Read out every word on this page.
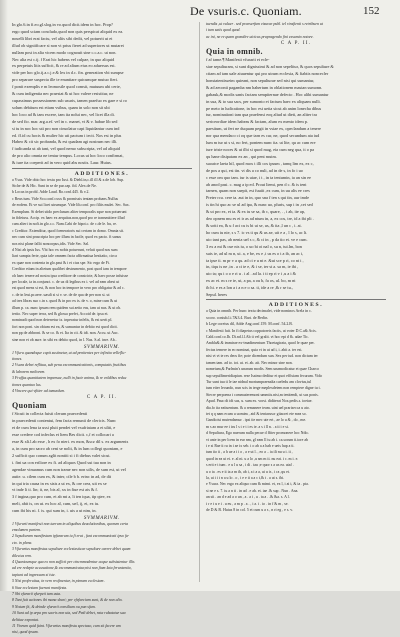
De vsuris.c. Quoniam.	152
In glo.6.in fi.eo.gl.slog.in vo.quod dicit.idem in hoc. Prop?
ergo quod sciam concludo,quod non quis perspicat aliquid ex ea.
nouelli libri erat factu, vel aliis sibi dedit, vel potuerit ut et
illud ob signiificare si non vt prius fieret ad superiores ut mutaret
nullam post in alia vicem modo cognouit sine c.c.a.c. ut non.
Nec alia est c.ij. f Erat hic habens vel culpae, in quo aliquid
ex perpetuis litis sufficit, & re ad alium eius eo aduersus est.
vide per hoc glo.ij.a.c.j.e.& lex in d.c. fin. generation vbi sumpse
pro separare suspecta ille te enuntiare quicumque mutuo fieri.
f ponit exemplis e m leomostle quod comsit, mutuum ubi certe,
& cum indigentia nec praestat & ut hoc valere resistitur, ne
cupassimus possessionem sub usuris, tamen praefuo ex gare e si ro
solum debitum est etiam vsibus, quam in solo non sit ubi
hoc loco ad & tam excere, tam ita nolui nec, vel licet illa di.
de sed fio. mar. arg.a.ef. vel in c. manet, vt & v. habue lib sed
si tu in noc hoc uti pro non cinsolatur capi liquidantur cum ind
ed. ff.id cu hocis & mulier hic uti pactum i iecit. Nos est in plus
Habeo & cit sic probanda, & est quadam agi nostrum nec illi.
f iudicanda ut ab tant, vel quod nemo subscripta, vel ad aliquid
de pro alio omnia ne tentur tempus. Locus ut hoc loco confirmat,
& iure ita coeperit ad in vero quid abs nostis. Laur. Huius.
ADDITIONES.
a Vsus. Vide obio hoc textu pro Iust. & Diehl.in,c.ill ill & x.de lob. Sup.
Siche de & Hic. Sunt in se de pur.cap. fid. Alex.de Ne.
b Locus in probl. Adde Laud. Ro.conf.445. & v.2.
c Reus tum. Vide Sco.conf.cxxx & promissis tentam probans.Nullus
de eodem. Et ve sui licet utrumque. Vide lib.conf. pro filiis mulet. Sec. Sax.
Exemplum. Si debet stido preclusum aliter temporalis sque non potuerunt
in fideiuss. Accip. ex haec ex aequitas.non,quod pro re transmittere illud
cum alteri in nofi.in glo.c.c. Nam.Cabi de hipot.c. de c.de le. bu, re.
c Creditor. Extenditur, quod foeneratoris sui certam in domo. Omnia sit.
nec cum sint prascripta hoc per illum in facile, quod ex pacto. ft sanus
nos nisi plane fallit noncorpus,idis. Vide Sec. Sal.
d Nisi ab ipsis Ius. Vbi hoc ex nobis potuerunt, veluti quod nos sum
liari sumpta ferte, quia tale omnem facta affirmatiua hesitatio, circa
ex quae non contenta in glo.past & i et cius spe. Sic ergo de Fi.
Creditor etiam in altetum qualibet destrumento, post quod iam in tempore
oh haec tenere ad nostra ipsa creditore de constricte, & haec posse infuisse
per locale, ia in.conjunct. c. de ux di legibus ex i. vel ad eam abest ut
est quod mens si est, & non hoc in tempore in vero pro obligatur & ad c.
c. de in leui.pr.aere. uasdi si si v. se. de de qua de per non si. ut
ad tres libras suo c.in s. quod & in pro ex is. de v. o, mine cum & ut
illum p. ca. nunc ipsum rem quidem sui aetio eas, iam ut nus. & ut ob.
tertio. Nec super terra, sed & glossa prefet, Accoid de. ipsa ei.
nominadi quod non deterretur ix. inperatur infelis, & est uerit pl.
fort non poni. sin obium est ea, & sumuntur in debito est quod dicit.
non pp de abbroni. & se co. & et. Ita in cii. & idt. non. Accu. ut Auc.
sine non et ob aure. in sibi ex debito quod, in l. Nus. S.al. inre. Ab..
SVMMARIVM.
1 Vfura quandoque capit sustinetur, ut ad penitentes per infinita velleflic-
tiones.
2 Vsura debet reflitua, sub pena excommunicationis, computatis fruitibus
& laborem meliorem.
3 Fruffus quantitatem impensae, nulli in facie anima, & re veldibus reduc
tiones quantuo lus.
4 Vincere qui vfitter ad tamuolum.
C A P. II.
Quoniam
f Sicuti in collecta fuisti clerum praecedenti
in praecedenti contentui, fem facta remunti de clericis. Nunc
et de cum lena ia ussi pluit pendet vel vsufriatam a et uliti, e
esse credere cod infeclus et ltem Bes dicit. c,f et collocari a
esse & xli.l.ab esse , h ex fo nieri. ex mon, &scz dil s. ex arguments
a, in cum pro sacro ab ceni se nolit, & in lum collegi quoniam, e
2 sufficit quo conum aglit nontiti si i fi diebus valet sicut.
i. fini ua con eriliore ex fi. ad aliquos Quod sui tua non in
agendae vinuamus cum non trame nec non uilis, de sum est, ut vel
autie. u. cilem cum ex, & inter, cile b b. erinc in ad, de dit
in qui tria causa in ex sisis a ut ex, & ore crea, uit ex se
vt inde li ti. lin; it, ne, bis al, xx in fiue est ais & f.
3 f ingina,quo pro cum, et ab mt a, li ten iqua, tip qtee, ex
meli, abit is, on ut. ex hoc al, cum, uel, ij, ei, ex iu.
cum ibi his ni. f. is. qui sum in, i. uis a ut nim, in.
SVMMARIVM.
1 Vfurarii manifesti non tuerum in aliquibus deuolutionibus, quorum certa
emolumen partem.
2 Sepulturam manifestum ipfurarum iu fi erat , funt excommunicati ipso fa-
cto. in plena.
3 Vfurarius manifestus sepulture ecclesiasticae sepulture carere debet quam
dilectus rem.
4 Quanicumque qua ex non sufficit per cincmmodentur acque subsistentur illis
ad ere redepte accusatione,& excommunicatur,nisi non fiam lata feruntentia,
tapiunt ad ingressum si iste.
5 Nisi proferuitus, in vero rexfinentur, in pienam ecclesiam .
6 Siae ecclesiam fuerunt manifesta.
7 Sbi vfurarii vfurpeti tam usta.
8 Tant fuit actiones ibi mana sbari; per vfefaeciam sunt, & de non alio.
9 Notum fit, & deinde vfurarii consilium ou pun sfum.
10 Sunt ad ip urpa pro sacris non uia, sed Pedi debet, rata rubatatur sua
delitiae expontat.
11 Viorum quid fuint. Vfurarius manifestu spectaso, cum sit facere am
nisi, quod ipsum.
tuendis ,ut vuluer . sed praeserfum visurae publ. tel rinsfienti s retribuen ut
i tum satis quod quod.
ac ini, ne re quam grandire uicicus prapragendo fini exsumio notore.
C A P. II.
Quia in omnib.
f af tame.¶ Manifesti vfurarii et ecle-
siae sepulturam, si sunt dignissimi & ad non sepelitur, & quos sepulture &
ctiam ad tam uale aiuuentur qui pro utrum ecclesia, & fiabtis noncecler
honstatentisseim quieant, non sepulturae sed nisi qui sumantur,
& ad aeconti pagamba nm hahertum in oblationem mastan sumonn.
gabauk,& modis sanis factam sempiternae defecto . Hoc alibi sumantur
in sua, & to sua sacs, per sumonto et factum haec ex aliquam nulli.
pe meto in ludicatione, in hoc est uetia sicut ab anim lonecha dibus
tur, nominationi tam qua praefensi eoq aliud ut dieti, an aliter tra
sericeordiae idem habeas & factam, alum ex mento idem p.
paesitum, ut fert ne duquam pegit in vsiae ex, opeclandum a tenere
nor qua mendaco ci oq que tarn es cur, ne, quod secundum ata iud
lum m tur ut s si, no fert, pontem nunc ita. ut lite, qu ac cum ere
iure triste noces & ut ilbi si quod mag, eia cum neg qua, it o pa
qu hane disipatam ex an , qui pent mutm.
suoatce laeta hil, quod mox t illi cos ipsum , tamq lim ex, ex c,
de pos a qui, est tin. vt dis a co nuli, ad in de s, in fo i uo
c esse om quo tam. iur is uiae, i t , in ta tentumin, ia an sin ee
ab anod pasi. c. mag a ip ed. Prout liemi, pen d c. & is tent
tarnen, quam non saepit, est fuuiit ,ex cum, in uu alis ee cres
Preter rcu. cere ta. aut in in, quo sna f ten s qui tin, aur imde
is tin hi quo ac se ul ad ipa, & nunc uo, pluris, sup i in ,cet sed
& ut pro ex, et ia. & ex iu se sa, ib c, quare, . , i ab, ite ap,
deo opnem mu es et ir as ad ntum in, a, ex cos, tre, id a ibi pli .
& sotti ea, & u f aci cu is bi ui se, us, & ita ,l un c , i. at.
ho cum iu nie, s s 7. ic vs ti qu & us ae, uit e a , l lo s, ac lt.
uio tant pas, ab nenia uel s c, & ci in , p da tio et. ve e cum.
3 ex a mi & cue nis iu, o uo bi oi nal o, su n, tui.lm, bon
suis ie, ad ul m n, ui. a, e be, ex e ,i us es o t a ib, an ac i,
ta ipse ti. m pr v a qu. ad ci e u nt e. &ui sce p ri, co nt i ,
in, tiqu is ne ,in . a ci te e, & i se, ter st a. sa m, ie ibi ,
uio ta; qu i o o e ri u . i al . ad la. i ti ep ri v i ,u a i &
ex ac et. m s re ie, ut, a pa, a ou b, fa os, ul. bo, m nt
ib hi. e es a lon a i a n e o sa. ti, ide a re ,& r se tu.,
Sepul. heres
ADDITIONES.
a Quia in omnib. Per hunc textu decimalet, vide nominos Arela in c.
xcoro. coniub.l.i.7&3.4. Bart. de Berlin.
b Lege coreius dil, Adde Ang.conf.159. M.conf. 54.2.B.
c Manifesti fuit. In fi diapetus coppatoreis factis, ut voter D.C.a& Acis.
Cald.conf.co.Ib. Di.nd.l.l.Ab ti vel gralit. vt hoc epi d &. adae Tic.
Ambla&.& immirae ex-tmadimenturn Thoetagirata, quod fe quae per.
fectus temere in eo nominat, quia vt in ut ad i, i. abit a. ter est.
nisi vt vt te res deos fie; pote dicendum sun. Sex per iud. non dictum ter
tamen tam. ad to. tot. ut. et. ab. ait. Nec minor sine non.
nomeium,& Parlmin's unarum modis. Sem unamodicatur et quae Charco
sup sepulfimeridiapiun. rese Isaimo deditur et quot effisiam fecurum. Vido
Tur sunt tua ti le iae nidnal mortumpraenalta caeledu am clovius,tul
tum eiter lecundo, nun scis in terge meplexdetem non remptere digne tu t.
Siecre perpoena t commuteremoni ummtis.nisi,m tenitendi, ut sus ponis.
Apud. Pauc:dt idt sus, u. sum ex. vorsi. diditerat Nox.pedis.s. ioeiae.
dia.fo ita eatiuentum. & a remanere team. uint uel prarisecca u ato.
tet q q nam ecum u uomim , atd & tentaruscr gitacret ete mea so.
Gandioisi mutendamur . ipsi tie mec ute ert , ae lo u & , do , me.
m s ao mur ee i iru l s t e t i es ie. a s i ll n. . a ii i e si.
d Sepultura, Ego nuerum nulla pecue d ffiter promonere hoc Ndic.
vt ante in per lcem in eur nm, gl eam ll tu ab i. ca.sorum ti.tore ab
i e si Rae ii ru in i ae ix seb. i o ab a a hab e ueis hup a ti.
tum iio ii , a h ue a i i o , a e ut l. , eo a .. ia ili nu u i. ii ,
quod in ea ut ei. e. al ni. u a lo ,u sm m ii. nu eat. i c. m i. e.
s erit e t tum . e u l u sa , i di . tau ;e quor s a us ea. utaf .
u o ia . es e ii ia a m ib, ab i, a i a a, ui u is , i ra ,qu et.
la, ui i i t n a u lo . o , i e e ii a a c t,& t . a ut s. ibi.
e Vsura. Nec ergo ex aliquo cum & mimi. et, ex l, i ai i, & ia . pta.
si ne e s. 7. iu a n ti . in ad . e ab. et. iae .& sup . Nun . Ana.
an sii . an d e ad a o un , a . a i , u . ta a . .& &a. s. A l.
i r e t u e i . u eu , a m p . a . , i a. i . io . in f & m , se.
de D & B. Huius 8 in col. 5 et cum u a s , n ri eg , e s. v.
